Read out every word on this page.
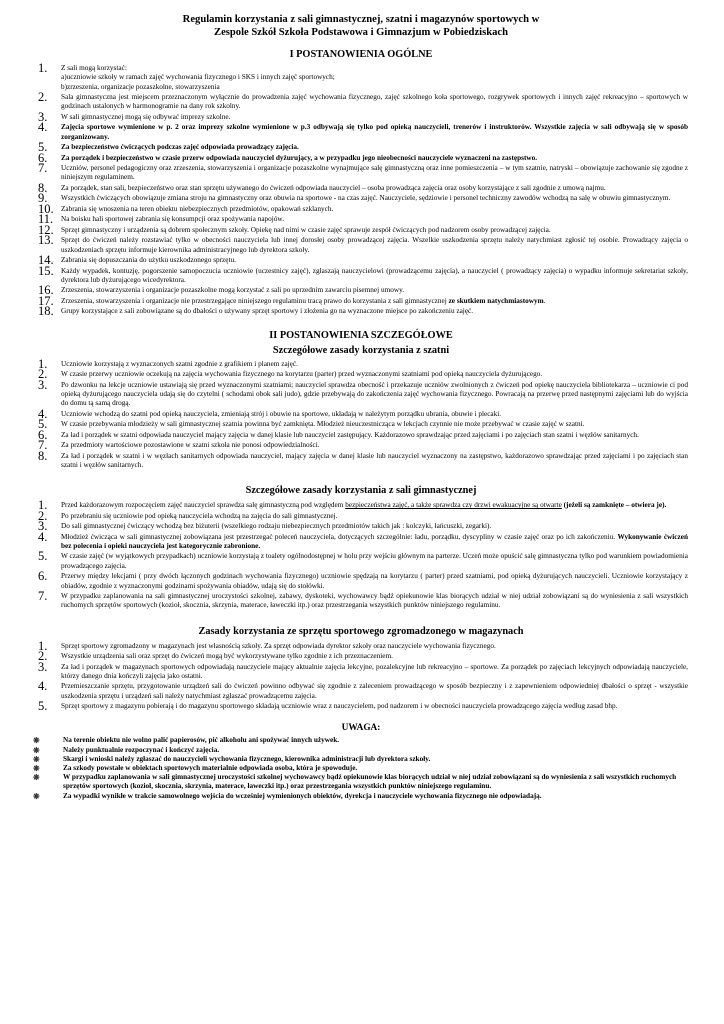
Regulamin korzystania z sali gimnastycznej, szatni i magazynów sportowych w
Zespole Szkół Szkoła Podstawowa i Gimnazjum w Pobiedziskach

I POSTANOWIENIA OGÓLNE
1. Z sali mogą korzystać:
a)uczniowie szkoły w ramach zajęć wychowania fizycznego i SKS i innych zajęć sportowych;
b)zrzeszenia, organizacje pozaszkolne, stowarzyszenia
2. Sala gimnastyczna jest miejscem przeznaczonym wyłącznie do prowadzenia zajęć wychowania fizycznego, zajęć szkolnego koła sportowego, rozgrywek sportowych i innych zajęć rekreacyjno – sportowych w godzinach ustalonych w harmonogramie na dany rok szkolny.
3. W sali gimnastycznej mogą się odbywać imprezy szkolne.
4. Zajęcia sportowe wymienione w p. 2 oraz imprezy szkolne wymienione w p.3 odbywają się tylko pod opieką nauczycieli, trenerów i instruktorów. Wszystkie zajęcia w sali odbywają się w sposób zorganizowany.
5. Za bezpieczeństwo ćwiczących podczas zajęć odpowiada prowadzący zajęcia.
6. Za porządek i bezpieczeństwo w czasie przerw odpowiada nauczyciel dyżurujący, a w przypadku jego nieobecności nauczyciele wyznaczeni na zastępstwo.
7. Uczniów, personel pedagogiczny oraz zrzeszenia, stowarzyszenia i organizacje pozaszkolne wynajmujące salę gimnastyczną oraz inne pomieszczenia – w tym szatnie, natryski – obowiązuje zachowanie się zgodne z niniejszym regulaminem.
8. Za porządek, stan sali, bezpieczeństwo oraz stan sprzętu używanego do ćwiczeń odpowiada nauczyciel – osoba prowadząca zajęcia oraz osoby korzystające z sali zgodnie z umową najmu.
9. Wszystkich ćwiczących obowiązuje zmiana stroju na gimnastyczny oraz obuwia na sportowe - na czas zajęć. Nauczyciele, sędziowie i personel techniczny zawodów wchodzą na salę w obuwiu gimnastycznym.
10. Zabrania się wnoszenia na teren obiektu niebezpiecznych przedmiotów, opakowań szklanych.
11. Na boisku hali sportowej zabrania się konsumpcji oraz spożywania napojów.
12. Sprzęt gimnastyczny i urządzenia są dobrem społecznym szkoły. Opiekę nad nimi w czasie zajęć sprawuje zespół ćwiczących pod nadzorem osoby prowadzącej zajęcia.
13. Sprzęt do ćwiczeń należy rozstawiać tylko w obecności nauczyciela lub innej dorosłej osoby prowadzącej zajęcia. Wszelkie uszkodzenia sprzętu należy natychmiast zgłosić tej osobie. Prowadzący zajęcia o uszkodzeniach sprzętu informuje kierownika administracyjnego lub dyrektora szkoły.
14. Zabrania się dopuszczania do użytku uszkodzonego sprzętu.
15. Każdy wypadek, kontuzję, pogorszenie samopoczucia uczniowie (uczestnicy zajęć), zgłaszają nauczycielowi (prowadzącemu zajęcia), a nauczyciel ( prowadzący zajęcia) o wypadku informuje sekretariat szkoły, dyrektora lub dyżurującego wicedyrektora.
16. Zrzeszenia, stowarzyszenia i organizacje pozaszkolne mogą korzystać z sali po uprzednim zawarciu pisemnej umowy.
17. Zrzeszenia, stowarzyszenia i organizacje nie przestrzegające niniejszego regulaminu tracą prawo do korzystania z sali gimnastycznej ze skutkiem natychmiastowym.
18. Grupy korzystające z sali zobowiązane są do dbałości o używany sprzęt sportowy i złożenia go na wyznaczone miejsce po zakończeniu zajęć.
II POSTANOWIENIA SZCZEGÓŁOWE
Szczegółowe zasady korzystania z szatni
1. Uczniowie korzystają z wyznaczonych szatni zgodnie z grafikiem i planem zajęć.
2. W czasie przerwy uczniowie oczekują na zajęcia wychowania fizycznego na korytarzu (parter) przed wyznaczonymi szatniami pod opieką nauczyciela dyżurującego.
3. Po dzwonku na lekcje uczniowie ustawiają się przed wyznaczonymi szatniami; nauczyciel sprawdza obecność i przekazuje uczniów zwolnionych z ćwiczeń pod opiekę nauczyciela bibliotekarza – uczniowie ci pod opieką dyżurującego nauczyciela udają się do czytelni ( schodami obok sali judo), gdzie przebywają do zakończenia zajęć wychowania fizycznego. Powracają na przerwę przed następnymi zajęciami lub do wyjścia do domu tą samą drogą.
4. Uczniowie wchodzą do szatni pod opieką nauczyciela, zmieniają strój i obuwie na sportowe, układają w należytym porządku ubrania, obuwie i plecaki.
5. W czasie przebywania młodzieży w sali gimnastycznej szatnia powinna być zamknięta. Młodzież nieuczestnicząca w lekcjach czynnie nie może przebywać w czasie zajęć w szatni.
6. Za ład i porządek w szatni odpowiada nauczyciel mający zajęcia w danej klasie lub nauczyciel zastępujący. Każdorazowo sprawdzając przed zajęciami i po zajęciach stan szatni i węzłów sanitarnych.
7. Za przedmioty wartościowe pozostawione w szatni szkoła nie ponosi odpowiedzialności.
8. Za ład i porządek w szatni i w węzłach sanitarnych odpowiada nauczyciel, mający zajęcia w danej klasie lub nauczyciel wyznaczony na zastępstwo, każdorazowo sprawdzając przed zajęciami i po zajęciach stan szatni i węzłów sanitarnych.
Szczegółowe zasady korzystania z sali gimnastycznej
1. Przed każdorazowym rozpoczęciem zajęć nauczyciel sprawdza salę gimnastyczną pod względem bezpieczeństwa zajęć, a także sprawdza czy drzwi ewakuacyjne są otwarte (jeżeli są zamknięte – otwiera je).
2. Po przebraniu się uczniowie pod opieką nauczyciela wchodzą na zajęcia do sali gimnastycznej.
3. Do sali gimnastycznej ćwiczący wchodzą bez biżuterii (wszelkiego rodzaju niebezpiecznych przedmiotów takich jak : kolczyki, łańcuszki, zegarki).
4. Młodzież ćwicząca w sali gimnastycznej zobowiązana jest przestrzegać poleceń nauczyciela, dotyczących szczególnie: ładu, porządku, dyscypliny w czasie zajęć oraz po ich zakończeniu. Wykonywanie ćwiczeń bez polecenia i opieki nauczyciela jest kategorycznie zabronione.
5. W czasie zajęć (w wyjątkowych przypadkach) uczniowie korzystają z toalety ogólnodostępnej w holu przy wejściu głównym na parterze. Uczeń może opuścić salę gimnastyczna tylko pod warunkiem powiadomienia prowadzącego zajęcia.
6. Przerwy między lekcjami ( przy dwóch łączonych godzinach wychowania fizycznego) uczniowie spędzają na korytarzu ( parter) przed szatniami, pod opieką dyżurujących nauczycieli. Uczniowie korzystający z obiadów, zgodnie z wyznaczonymi godzinami spożywania obiadów, udają się do stołówki.
7. W przypadku zaplanowania na sali gimnastycznej uroczystości szkolnej, zabawy, dyskoteki, wychowawcy bądź opiekunowie klas biorących udział w niej udział zobowiązani są do wyniesienia z sali wszystkich ruchomych sprzętów sportowych (kozioł, skocznia, skrzynia, materace, ławeczki itp.) oraz przestrzegania wszystkich punktów niniejszego regulaminu.
Zasady korzystania ze sprzętu sportowego zgromadzonego w magazynach
1. Sprzęt sportowy zgromadzony w magazynach jest własnością szkoły. Za sprzęt odpowiada dyrektor szkoły oraz nauczyciele wychowania fizycznego.
2. Wszystkie urządzenia sali oraz sprzęt do ćwiczeń mogą być wykorzystywane tylko zgodnie z ich przeznaczeniem.
3. Za ład i porządek w magazynach sportowych odpowiadają nauczyciele mający aktualnie zajęcia lekcyjne, pozalekcyjne lub rekreacyjno – sportowe. Za porządek po zajęciach lekcyjnych odpowiadają nauczyciele, którzy danego dnia kończyli zajęcia jako ostatni.
4. Przemieszczanie sprzętu, przygotowanie urządzeń sali do ćwiczeń powinno odbywać się zgodnie z zaleceniem prowadzącego w sposób bezpieczny i z zapewnieniem odpowiedniej dbałości o sprzęt - wszystkie uszkodzenia sprzętu i urządzeń sali należy natychmiast zgłaszać prowadzącemu zajęcia.
5. Sprzęt sportowy z magazynu pobierają i do magazynu sportowego składają uczniowie wraz z nauczycielem, pod nadzorem i w obecności nauczyciela prowadzącego zajęcia według zasad bhp.
UWAGA:
❋	Na terenie obiektu nie wolno palić papierosów, pić alkoholu ani spożywać innych używek.
❋	Należy punktualnie rozpoczynać i kończyć zajęcia.
❋	Skargi i wnioski należy zgłaszać do nauczycieli wychowania fizycznego, kierownika administracji lub dyrektora szkoły.
❋	Za szkody powstałe w obiektach sportowych materialnie odpowiada osoba, która je spowoduje.
❋	W przypadku zaplanowania w sali gimnastycznej uroczystości szkolnej wychowawcy bądź opiekunowie klas biorących udział w niej udział zobowiązani są do wyniesienia z sali wszystkich ruchomych sprzętów sportowych (kozioł, skocznia, skrzynia, materace, ławeczki itp.) oraz przestrzegania wszystkich punktów niniejszego regulaminu.
❋	Za wypadki wynikłe w trakcie samowolnego wejścia do wcześniej wymienionych obiektów, dyrekcja i nauczyciele wychowania fizycznego nie odpowiadają.
